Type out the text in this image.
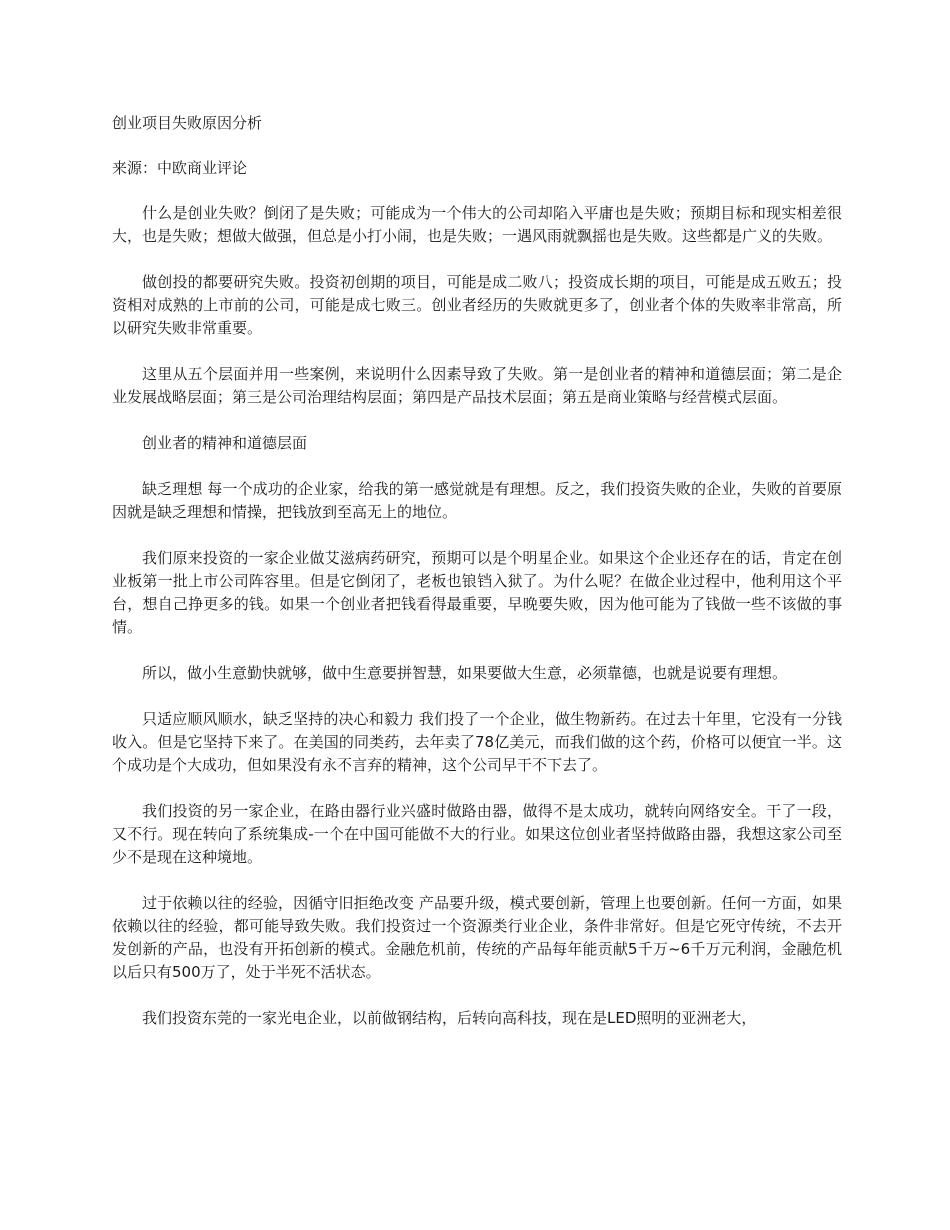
创业项目失败原因分析

来源：中欧商业评论

什么是创业失败？倒闭了是失败；可能成为一个伟大的公司却陷入平庸也是失败；预期目标和现实相差很大，也是失败；想做大做强，但总是小打小闹，也是失败；一遇风雨就飘摇也是失败。这些都是广义的失败。

做创投的都要研究失败。投资初创期的项目，可能是成二败八；投资成长期的项目，可能是成五败五；投资相对成熟的上市前的公司，可能是成七败三。创业者经历的失败就更多了，创业者个体的失败率非常高，所以研究失败非常重要。

这里从五个层面并用一些案例，来说明什么因素导致了失败。第一是创业者的精神和道德层面；第二是企业发展战略层面；第三是公司治理结构层面；第四是产品技术层面；第五是商业策略与经营模式层面。

创业者的精神和道德层面

缺乏理想 每一个成功的企业家，给我的第一感觉就是有理想。反之，我们投资失败的企业，失败的首要原因就是缺乏理想和情操，把钱放到至高无上的地位。

我们原来投资的一家企业做艾滋病药研究，预期可以是个明星企业。如果这个企业还存在的话，肯定在创业板第一批上市公司阵容里。但是它倒闭了，老板也锒铛入狱了。为什么呢？在做企业过程中，他利用这个平台，想自己挣更多的钱。如果一个创业者把钱看得最重要，早晚要失败，因为他可能为了钱做一些不该做的事情。

所以，做小生意勤快就够，做中生意要拼智慧，如果要做大生意，必须靠德，也就是说要有理想。

只适应顺风顺水，缺乏坚持的决心和毅力 我们投了一个企业，做生物新药。在过去十年里，它没有一分钱收入。但是它坚持下来了。在美国的同类药，去年卖了78亿美元，而我们做的这个药，价格可以便宜一半。这个成功是个大成功，但如果没有永不言弃的精神，这个公司早干不下去了。

我们投资的另一家企业，在路由器行业兴盛时做路由器，做得不是太成功，就转向网络安全。干了一段，又不行。现在转向了系统集成-一个在中国可能做不大的行业。如果这位创业者坚持做路由器，我想这家公司至少不是现在这种境地。

过于依赖以往的经验，因循守旧拒绝改变 产品要升级，模式要创新，管理上也要创新。任何一方面，如果依赖以往的经验，都可能导致失败。我们投资过一个资源类行业企业，条件非常好。但是它死守传统，不去开发创新的产品，也没有开拓创新的模式。金融危机前，传统的产品每年能贡献5千万~6千万元利润，金融危机以后只有500万了，处于半死不活状态。

我们投资东莞的一家光电企业，以前做钢结构，后转向高科技，现在是LED照明的亚洲老大，
